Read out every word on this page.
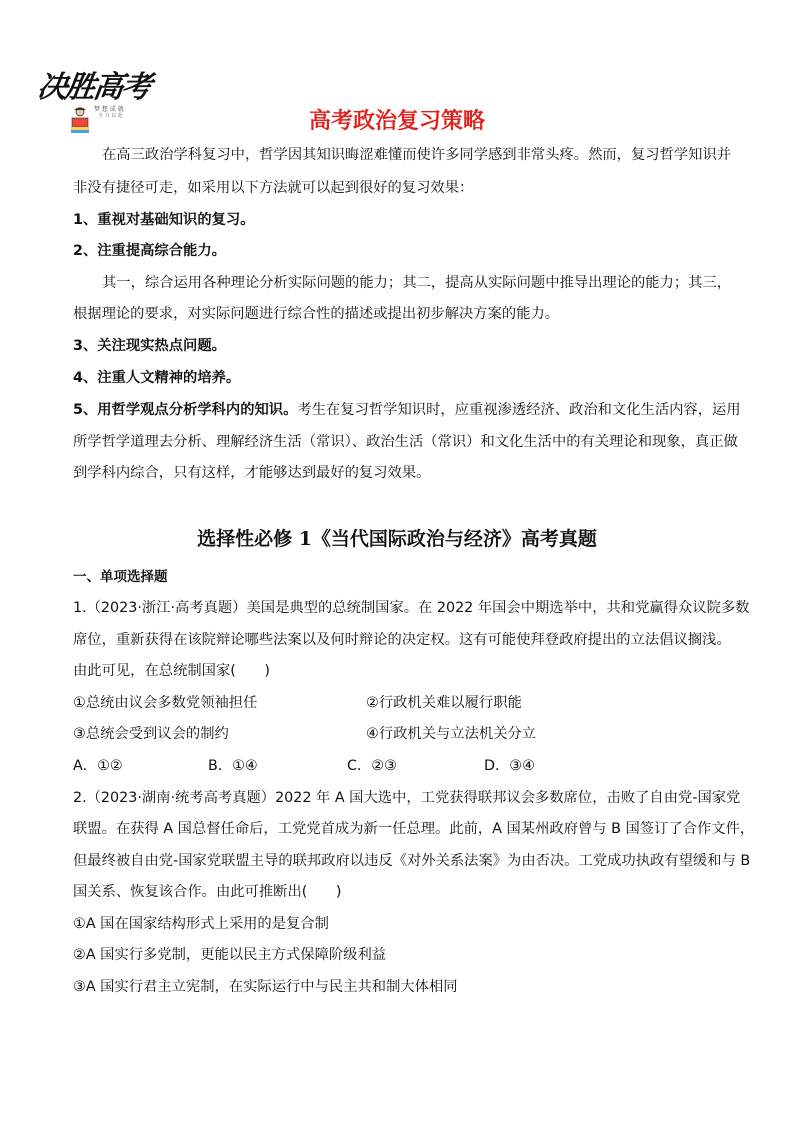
决胜高考
梦 想 成 就
全 力 以 赴	高考政治复习策略
在高三政治学科复习中，哲学因其知识晦涩难懂而使许多同学感到非常头疼。然而，复习哲学知识并
非没有捷径可走，如采用以下方法就可以起到很好的复习效果：
1、重视对基础知识的复习。
2、注重提高综合能力。
其一，综合运用各种理论分析实际问题的能力；其二，提高从实际问题中推导出理论的能力；其三，
根据理论的要求，对实际问题进行综合性的描述或提出初步解决方案的能力。
3、关注现实热点问题。
4、注重人文精神的培养。
5、用哲学观点分析学科内的知识。考生在复习哲学知识时，应重视渗透经济、政治和文化生活内容，运用
所学哲学道理去分析、理解经济生活（常识）、政治生活（常识）和文化生活中的有关理论和现象，真正做
到学科内综合，只有这样，才能够达到最好的复习效果。
选择性必修 1《当代国际政治与经济》高考真题
一、单项选择题
1.（2023·浙江·高考真题）美国是典型的总统制国家。在 2022 年国会中期选举中，共和党赢得众议院多数
席位，重新获得在该院辩论哪些法案以及何时辩论的决定权。这有可能使拜登政府提出的立法倡议搁浅。
由此可见，在总统制国家(　　)
①总统由议会多数党领袖担任	②行政机关难以履行职能
③总统会受到议会的制约	④行政机关与立法机关分立
A．①②	B．①④	C．②③	D．③④
2.（2023·湖南·统考高考真题）2022 年 A 国大选中，工党获得联邦议会多数席位，击败了自由党-国家党
联盟。在获得 A 国总督任命后，工党党首成为新一任总理。此前，A 国某州政府曾与 B 国签订了合作文件，
但最终被自由党-国家党联盟主导的联邦政府以违反《对外关系法案》为由否决。工党成功执政有望缓和与 B
国关系、恢复该合作。由此可推断出(　　)
①A 国在国家结构形式上采用的是复合制
②A 国实行多党制，更能以民主方式保障阶级利益
③A 国实行君主立宪制，在实际运行中与民主共和制大体相同
